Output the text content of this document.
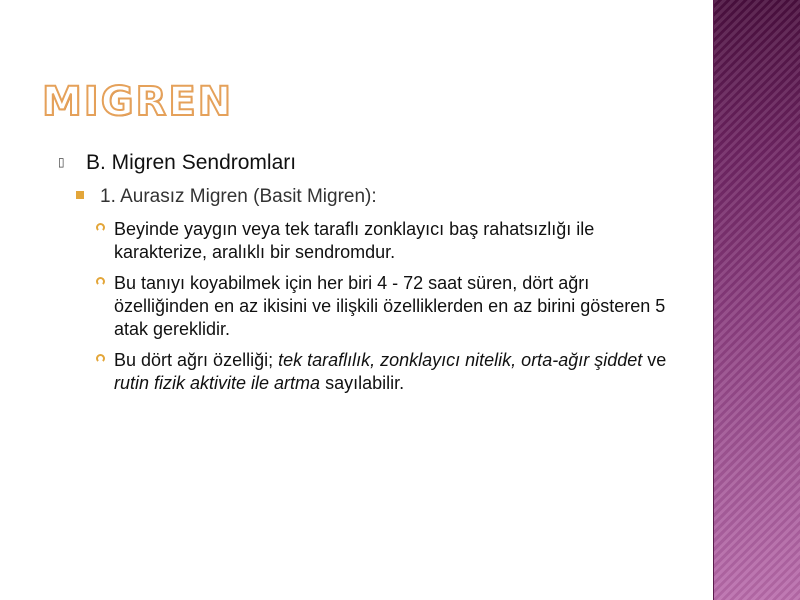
MIGREN
▯ B. Migren Sendromları
1. Aurasız Migren (Basit Migren):
Beyinde yaygın veya tek taraflı zonklayıcı baş rahatsızlığı ile karakterize, aralıklı bir sendromdur.
Bu tanıyı koyabilmek için her biri 4 - 72 saat süren, dört ağrı özelliğinden en az ikisini ve ilişkili özelliklerden en az birini gösteren 5 atak gereklidir.
Bu dört ağrı özelliği; tek taraflılık, zonklayıcı nitelik, orta-ağır şiddet ve rutin fizik aktivite ile artma sayılabilir.
